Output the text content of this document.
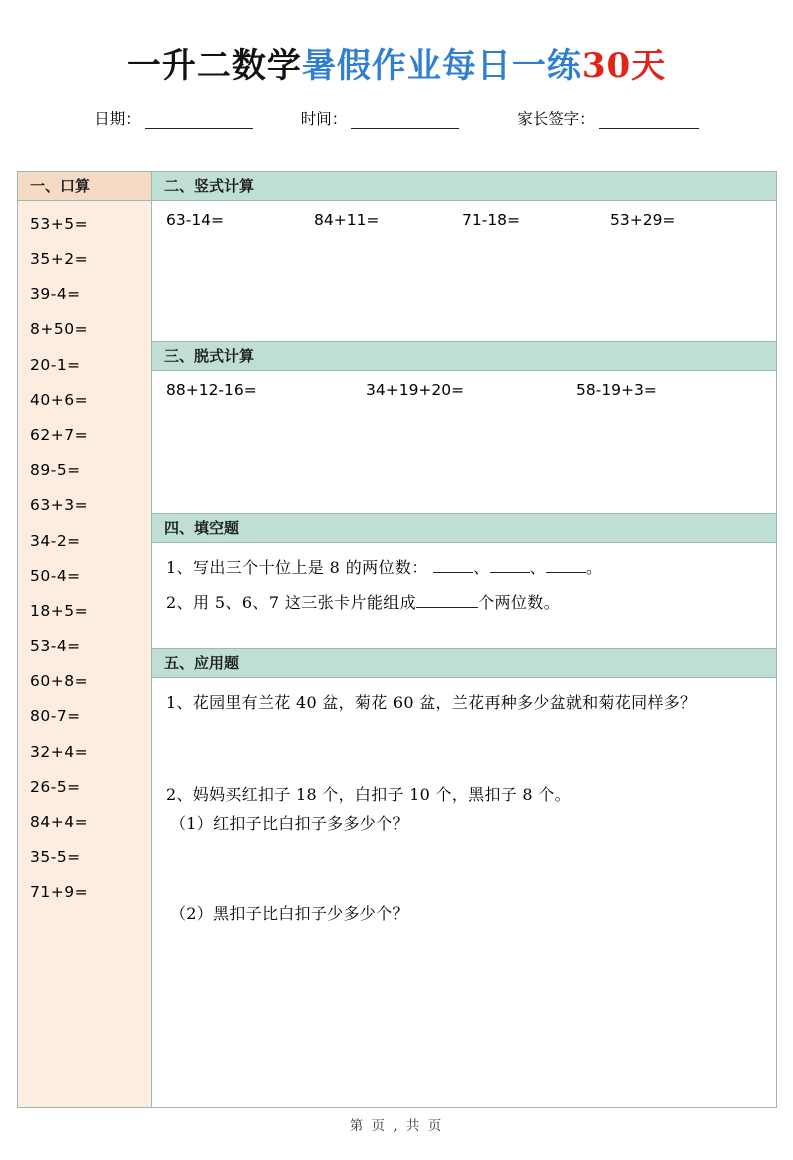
一升二数学暑假作业每日一练30天
日期：	时间：	家长签字：
一、口算
53+5=
35+2=
39-4=
8+50=
20-1=
40+6=
62+7=
89-5=
63+3=
34-2=
50-4=
18+5=
53-4=
60+8=
80-7=
32+4=
26-5=
84+4=
35-5=
71+9=
二、竖式计算
63-14=	84+11=	71-18=	53+29=
三、脱式计算
88+12-16=	34+19+20=	58-19+3=
四、填空题
1、写出三个十位上是 8 的两位数：	、	、	。
2、用 5、6、7 这三张卡片能组成	个两位数。
五、应用题
1、花园里有兰花 40 盆，菊花 60 盆，兰花再种多少盆就和菊花同样多？
2、妈妈买红扣子 18 个，白扣子 10 个，黑扣子 8 个。
（1）红扣子比白扣子多多少个？
（2）黑扣子比白扣子少多少个？
第 页 , 共 页
